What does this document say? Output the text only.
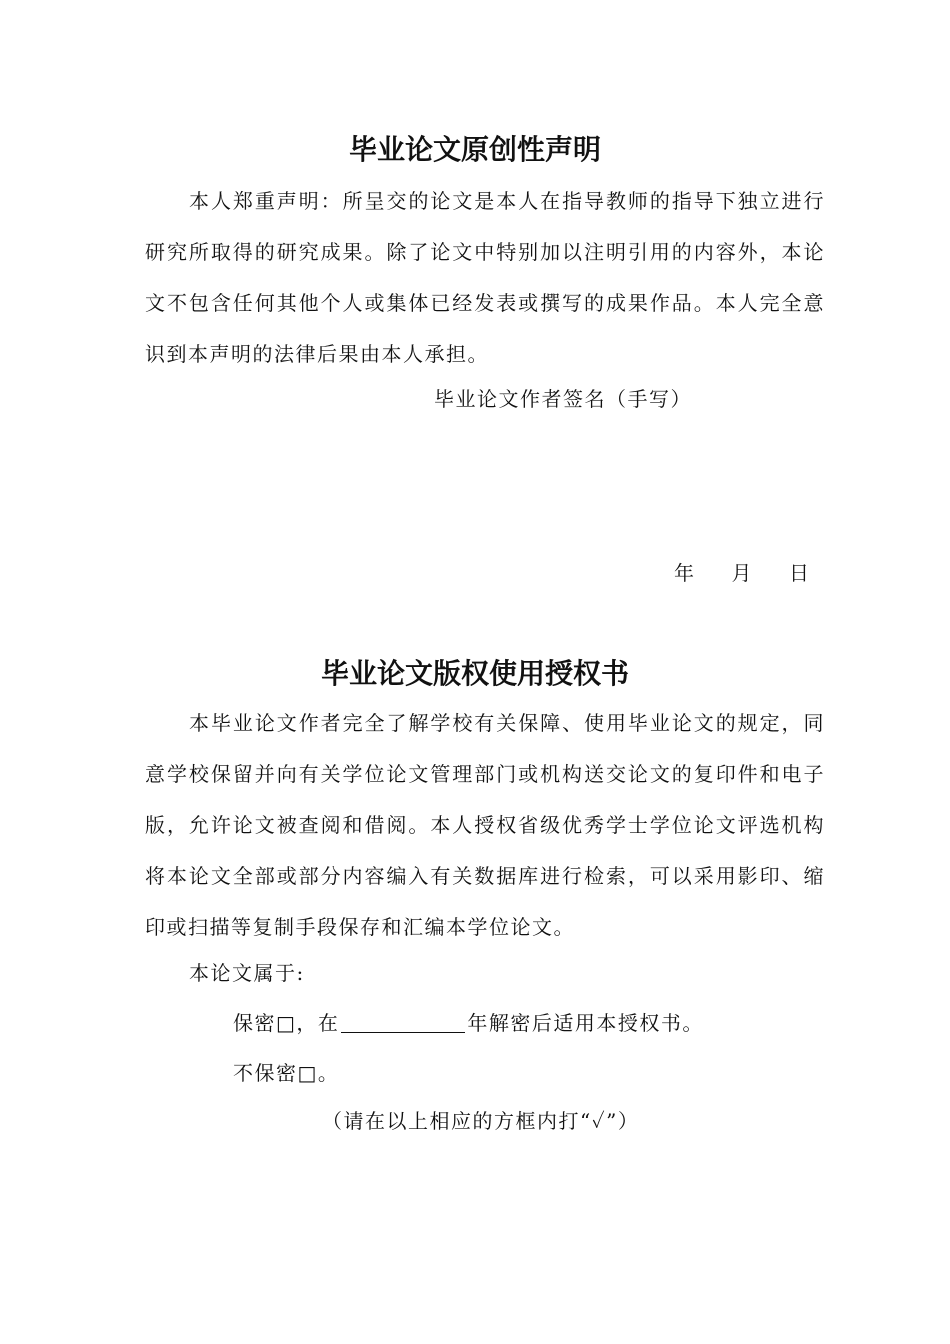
毕业论文原创性声明

本人郑重声明：所呈交的论文是本人在指导教师的指导下独立进行研究所取得的研究成果。除了论文中特别加以注明引用的内容外，本论文不包含任何其他个人或集体已经发表或撰写的成果作品。本人完全意识到本声明的法律后果由本人承担。

毕业论文作者签名（手写）
年 月 日
毕业论文版权使用授权书

本毕业论文作者完全了解学校有关保障、使用毕业论文的规定，同意学校保留并向有关学位论文管理部门或机构送交论文的复印件和电子版，允许论文被查阅和借阅。本人授权省级优秀学士学位论文评选机构将本论文全部或部分内容编入有关数据库进行检索，可以采用影印、缩印或扫描等复制手段保存和汇编本学位论文。

本论文属于:
保密□，在	年解密后适用本授权书。
不保密□。
（请在以上相应的方框内打“✓”）
